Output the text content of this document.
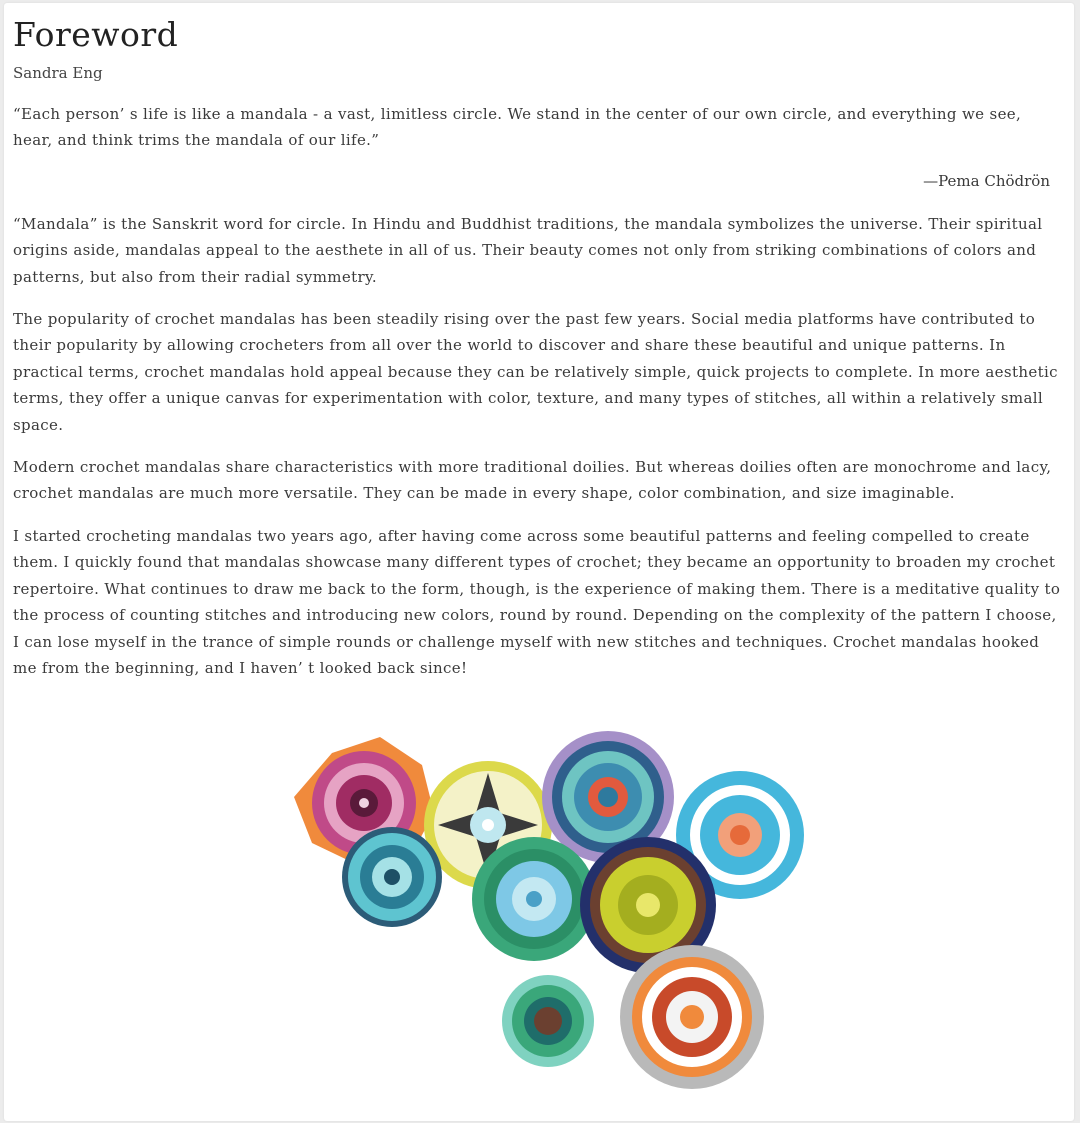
Foreword
Sandra Eng

“Each person’ s life is like a mandala - a vast, limitless circle. We stand in the center of our own circle, and everything we see, hear, and think trims the mandala of our life.”

—Pema Chödrön

“Mandala” is the Sanskrit word for circle. In Hindu and Buddhist traditions, the mandala symbolizes the universe. Their spiritual origins aside, mandalas appeal to the aesthete in all of us. Their beauty comes not only from striking combinations of colors and patterns, but also from their radial symmetry.

The popularity of crochet mandalas has been steadily rising over the past few years. Social media platforms have contributed to their popularity by allowing crocheters from all over the world to discover and share these beautiful and unique patterns. In practical terms, crochet mandalas hold appeal because they can be relatively simple, quick projects to complete. In more aesthetic terms, they offer a unique canvas for experimentation with color, texture, and many types of stitches, all within a relatively small space.

Modern crochet mandalas share characteristics with more traditional doilies. But whereas doilies often are monochrome and lacy, crochet mandalas are much more versatile. They can be made in every shape, color combination, and size imaginable.

I started crocheting mandalas two years ago, after having come across some beautiful patterns and feeling compelled to create them. I quickly found that mandalas showcase many different types of crochet; they became an opportunity to broaden my crochet repertoire. What continues to draw me back to the form, though, is the experience of making them. There is a meditative quality to the process of counting stitches and introducing new colors, round by round. Depending on the complexity of the pattern I choose, I can lose myself in the trance of simple rounds or challenge myself with new stitches and techniques. Crochet mandalas hooked me from the beginning, and I haven’ t looked back since!
